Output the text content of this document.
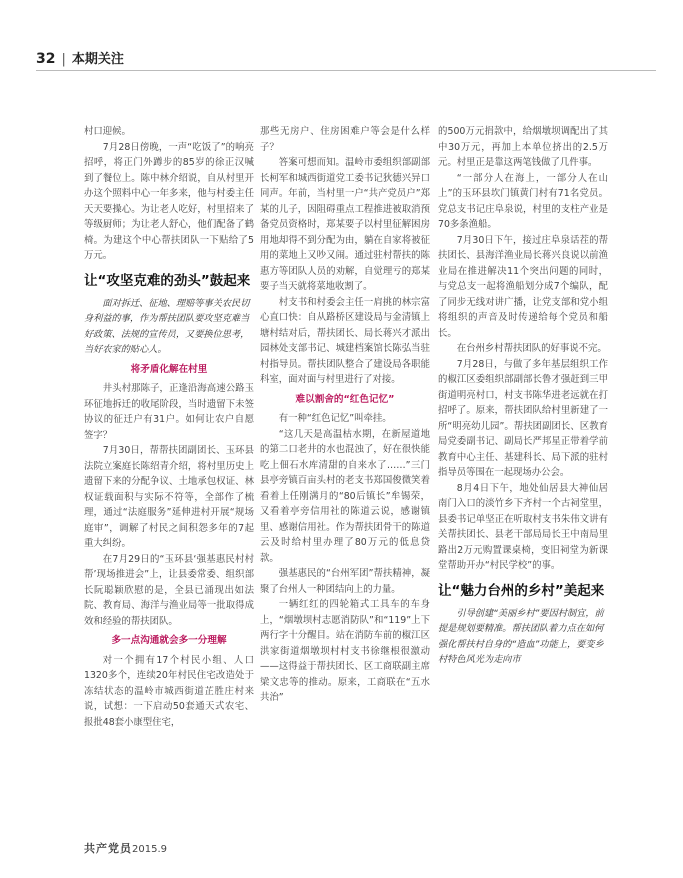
32 | 本期关注

村口迎候。

7月28日傍晚，一声“吃饭了”的响亮招呼，将正门外蹲步的85岁的徐正汉喊到了餐位上。陈中林介绍说，自从村里开办这个照料中心一年多来，他与村委主任天天要操心。为让老人吃好，村里招来了等级厨师；为让老人舒心，他们配备了鹤椅。为建这个中心帮扶团队一下贴给了5万元。

让“攻坚克难的劲头”鼓起来
面对拆迁、征地、理赔等事关农民切身利益的事，作为帮扶团队要攻坚克难当好政策、法规的宣传员，又要换位思考，当好农家的贴心人。
将矛盾化解在村里

井头村那陈子，正逢沿海高速公路玉环征地拆迁的收尾阶段，当时遗留下未签协议的征迁户有31户。如何让农户自愿签字？

7月30日，帮帮扶团副团长、玉环县法院立案庭长陈绍青介绍，将村里历史上遗留下来的分配争议、土地承包权证、林权证载面积与实际不符等，全部作了梳理，通过“法庭服务”延伸进村开展“规场庭审”，调解了村民之间积怨多年的7起重大纠纷。

在7月29日的“玉环县‘强基惠民村村帮’现场推进会”上，让县委常委、组织部长阮聪颖欣慰的是，全县已涌现出如法院、教育局、海洋与渔业局等一批取得成效和经验的帮扶团队。

多一点沟通就会多一分理解

对一个拥有17个村民小组、人口1320多个，连续20年村民住宅改造处于冻结状态的温岭市城西街道芷胜庄村来说，试想：一下启动50套通天式农宅、报批48套小康型住宅，

那些无房户、住房困难户等会是什么样子？

答案可想而知。温岭市委组织部副部长柯军和城西街道党工委书记狄德兴异口同声。年前，当村里一户“共产党员户”郑某的儿子，因阻碍重点工程推进被取消预备党员资格时，郑某要子以村里征解困房用地却得不到分配为由，躺在自家将被征用的菜地上又吵又闹。通过驻村帮扶的陈惠方等团队人员的劝解，自觉理亏的郑某要子当天就将菜地收割了。

村支书和村委会主任一肩挑的林宗富心直口快：自从路桥区建设局与金清镇上塘村结对后，帮扶团长、局长蒋兴才派出园林处支部书记、城建档案馆长陈弘当驻村指导员。帮扶团队整合了建设局各职能科室，面对面与村里进行了对接。

难以割舍的“红色记忆”

有一种“红色记忆”叫牵挂。

“这几天是高温枯水期，在新屋道地的第二口老井的水也混浊了，好在很快能吃上佃石水库清甜的自来水了……”三门县亭旁镇百亩头村的老支书郑国俊微笑着看着上任刚满月的“80后镇长”牟锡荣，又看着亭旁信用社的陈道云说，感谢镇里、感谢信用社。作为帮扶团骨干的陈道云及时给村里办理了80万元的低息贷款。

强基惠民的“台州军团”帮扶精神，凝聚了台州人一种团结向上的力量。

一辆红红的四轮箱式工具车的车身上，“烟墩坝村志愿消防队”和“119”上下两行字十分醒目。站在消防车前的椒江区洪家街道烟墩坝村村支书徐继根很激动——这得益于帮扶团长、区工商联副主席梁文忠等的推动。原来，工商联在“五水共治”

的500万元捐款中，给烟墩坝调配出了其中30万元，再加上本单位挤出的2.5万元。村里正是靠这两笔钱做了几件事。

“一部分人在海上，一部分人在山上”的玉环县坎门镇黄门村有71名党员。党总支书记庄阜泉说，村里的支柱产业是70多条渔船。

7月30日下午，接过庄阜泉话茬的帮扶团长、县海洋渔业局长蒋兴良说以前渔业局在推进解决11个突出问题的同时，与党总支一起将渔船划分成7个编队，配了同步无线对讲广播，让党支部和党小组将组织的声音及时传递给每个党员和船长。

在台州乡村帮扶团队的好事说不完。

7月28日，与做了多年基层组织工作的椒江区委组织部副部长鲁才强赶到三甲街道明亮村口，村支书陈华进老远就在打招呼了。原来，帮扶团队给村里新建了一所“明亮幼儿园”。帮扶团副团长、区教育局党委副书记、副局长严邦星正带着学前教育中心主任、基建科长、局下派的驻村指导员等围在一起现场办公会。

8月4日下午，地处仙居县大神仙居南门入口的淡竹乡下齐村一个古祠堂里，县委书记单坚正在听取村支书朱伟文讲有关帮扶团长、县老干部局局长王中南局里路出2万元购置课桌椅，变旧祠堂为新课堂帮助开办“村民学校”的事。

让“魅力台州的乡村”美起来
引导创建“美丽乡村”要因村制宜，前提是规划要精准。帮扶团队着力点在如何强化帮扶村自身的“造血”功能上，要变乡村特色风光为走向市
共产党员2015.9
